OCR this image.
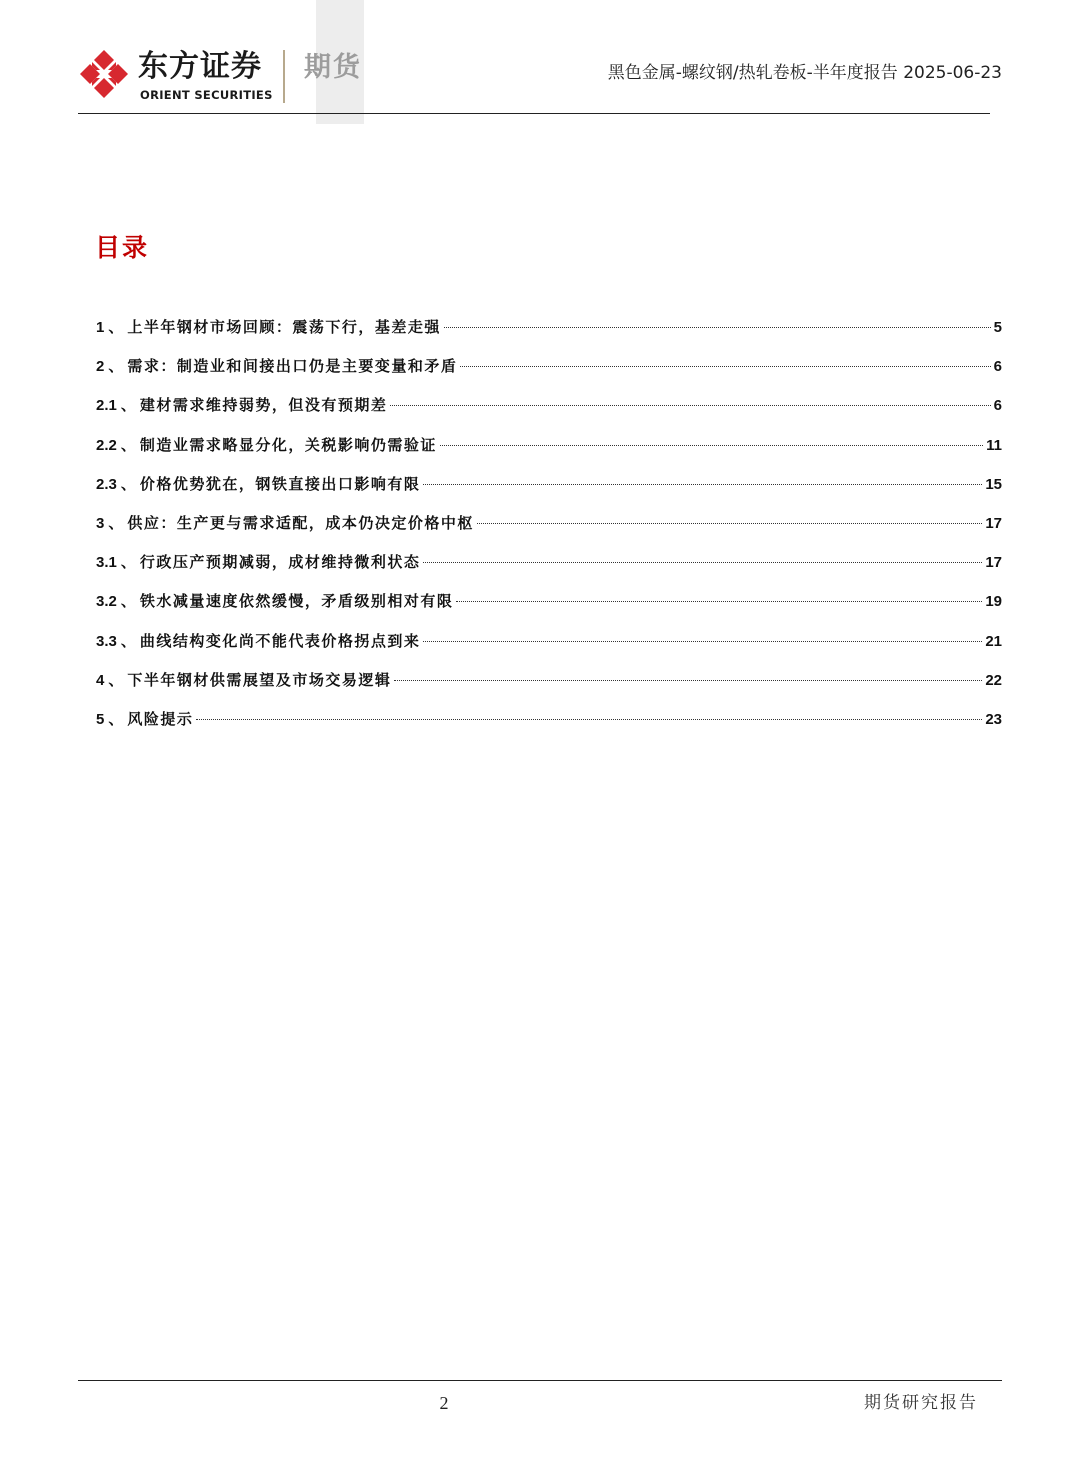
东方证券
ORIENT SECURITIES
期货	黑色金属-螺纹钢/热轧卷板-半年度报告 2025-06-23
目录
1 、 上半年钢材市场回顾：震荡下行，基差走强	5
2 、 需求：制造业和间接出口仍是主要变量和矛盾	6
2.1 、 建材需求维持弱势，但没有预期差	6
2.2 、 制造业需求略显分化，关税影响仍需验证	11
2.3 、 价格优势犹在，钢铁直接出口影响有限	15
3 、 供应：生产更与需求适配，成本仍决定价格中枢	17
3.1 、 行政压产预期减弱，成材维持微利状态	17
3.2 、 铁水减量速度依然缓慢，矛盾级别相对有限	19
3.3 、 曲线结构变化尚不能代表价格拐点到来	21
4 、 下半年钢材供需展望及市场交易逻辑	22
5 、 风险提示	23
2	期货研究报告
